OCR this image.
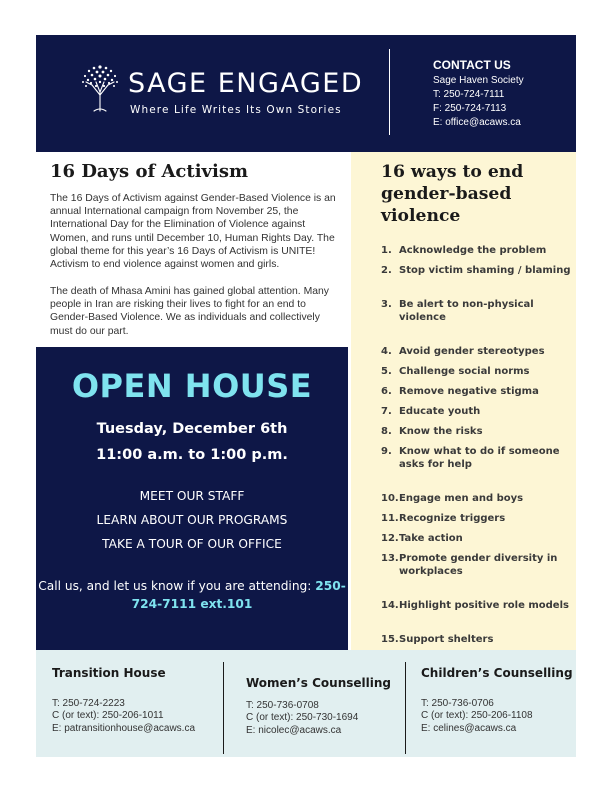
SAGE ENGAGED
Where Life Writes Its Own Stories
CONTACT US
Sage Haven Society
T: 250-724-7111
F: 250-724-7113
E: office@acaws.ca
16 Days of Activism

The 16 Days of Activism against Gender-Based Violence is an annual International campaign from November 25, the International Day for the Elimination of Violence against Women, and runs until December 10, Human Rights Day. The global theme for this year’s 16 Days of Activism is UNITE! Activism to end violence against women and girls.

The death of Mhasa Amini has gained global attention. Many people in Iran are risking their lives to fight for an end to Gender-Based Violence. We as individuals and collectively must do our part.

OPEN HOUSE
Tuesday, December 6th
11:00 a.m. to 1:00 p.m.
MEET OUR STAFF
LEARN ABOUT OUR PROGRAMS
TAKE A TOUR OF OUR OFFICE
Call us, and let us know if you are attending: 250-724-7111 ext.101
16 ways to end gender-based violence
1. Acknowledge the problem
2. Stop victim shaming / blaming
3. Be alert to non-physical violence
4. Avoid gender stereotypes
5. Challenge social norms
6. Remove negative stigma
7. Educate youth
8. Know the risks
9. Know what to do if someone asks for help
10. Engage men and boys
11. Recognize triggers
12. Take action
13. Promote gender diversity in workplaces
14. Highlight positive role models
15. Support shelters
Transition House
T: 250-724-2223
C (or text): 250-206-1011
E: patransitionhouse@acaws.ca
Women’s Counselling
T: 250-736-0708
C (or text): 250-730-1694
E: nicolec@acaws.ca
Children’s Counselling
T: 250-736-0706
C (or text): 250-206-1108
E: celines@acaws.ca
